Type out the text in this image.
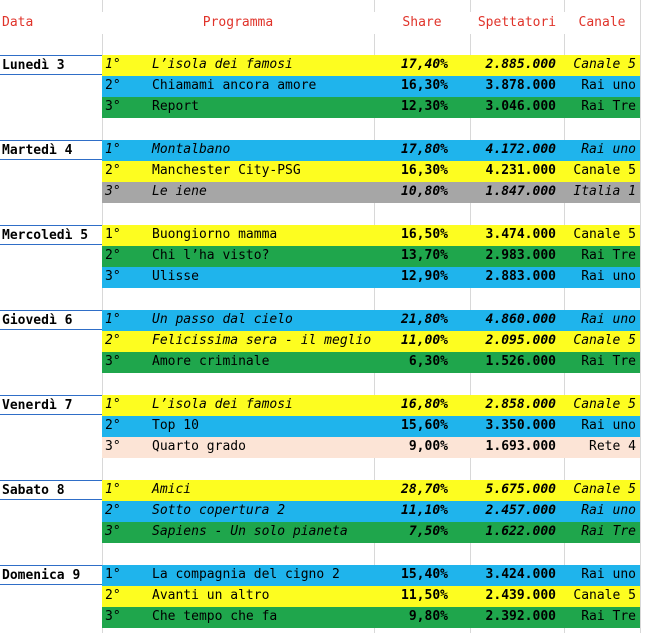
Data	Programma	Share	Spettatori	Canale
Lunedì 3	1°	L’isola dei famosi	17,40%	2.885.000	Canale 5
2°	Chiamami ancora amore	16,30%	3.878.000	Rai uno
3°	Report	12,30%	3.046.000	Rai Tre
Martedì 4	1°	Montalbano	17,80%	4.172.000	Rai uno
2°	Manchester City-PSG	16,30%	4.231.000	Canale 5
3°	Le iene	10,80%	1.847.000	Italia 1
Mercoledì 5	1°	Buongiorno mamma	16,50%	3.474.000	Canale 5
2°	Chi l’ha visto?	13,70%	2.983.000	Rai Tre
3°	Ulisse	12,90%	2.883.000	Rai uno
Giovedì 6	1°	Un passo dal cielo	21,80%	4.860.000	Rai uno
2°	Felicissima sera - il meglio	11,00%	2.095.000	Canale 5
3°	Amore criminale	6,30%	1.526.000	Rai Tre
Venerdì 7	1°	L’isola dei famosi	16,80%	2.858.000	Canale 5
2°	Top 10	15,60%	3.350.000	Rai uno
3°	Quarto grado	9,00%	1.693.000	Rete 4
Sabato 8	1°	Amici	28,70%	5.675.000	Canale 5
2°	Sotto copertura 2	11,10%	2.457.000	Rai uno
3°	Sapiens - Un solo pianeta	7,50%	1.622.000	Rai Tre
Domenica 9	1°	La compagnia del cigno 2	15,40%	3.424.000	Rai uno
2°	Avanti un altro	11,50%	2.439.000	Canale 5
3°	Che tempo che fa	9,80%	2.392.000	Rai Tre
